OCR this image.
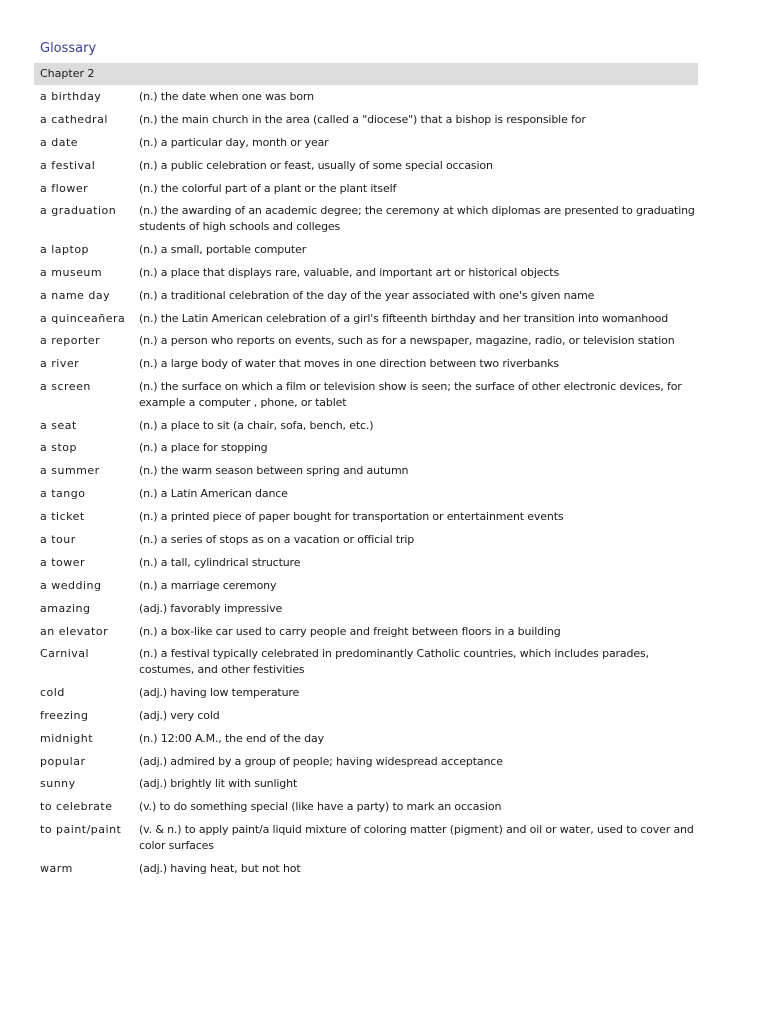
Glossary
Chapter 2
a birthday	(n.) the date when one was born
a cathedral	(n.) the main church in the area (called a "diocese") that a bishop is responsible for
a date	(n.) a particular day, month or year
a festival	(n.) a public celebration or feast, usually of some special occasion
a flower	(n.) the colorful part of a plant or the plant itself
a graduation	(n.) the awarding of an academic degree; the ceremony at which diplomas are presented to graduating students of high schools and colleges
a laptop	(n.) a small, portable computer
a museum	(n.) a place that displays rare, valuable, and important art or historical objects
a name day	(n.) a traditional celebration of the day of the year associated with one's given name
a quinceañera	(n.) the Latin American celebration of a girl's fifteenth birthday and her transition into womanhood
a reporter	(n.) a person who reports on events, such as for a newspaper, magazine, radio, or television station
a river	(n.) a large body of water that moves in one direction between two riverbanks
a screen	(n.) the surface on which a film or television show is seen; the surface of other electronic devices, for example a computer , phone, or tablet
a seat	(n.) a place to sit (a chair, sofa, bench, etc.)
a stop	(n.) a place for stopping
a summer	(n.) the warm season between spring and autumn
a tango	(n.) a Latin American dance
a ticket	(n.) a printed piece of paper bought for transportation or entertainment events
a tour	(n.) a series of stops as on a vacation or official trip
a tower	(n.) a tall, cylindrical structure
a wedding	(n.) a marriage ceremony
amazing	(adj.) favorably impressive
an elevator	(n.) a box-like car used to carry people and freight between floors in a building
Carnival	(n.) a festival typically celebrated in predominantly Catholic countries, which includes parades, costumes, and other festivities
cold	(adj.) having low temperature
freezing	(adj.) very cold
midnight	(n.) 12:00 A.M., the end of the day
popular	(adj.) admired by a group of people; having widespread acceptance
sunny	(adj.) brightly lit with sunlight
to celebrate	(v.) to do something special (like have a party) to mark an occasion
to paint/paint	(v. & n.) to apply paint/a liquid mixture of coloring matter (pigment) and oil or water, used to cover and color surfaces
warm	(adj.) having heat, but not hot
